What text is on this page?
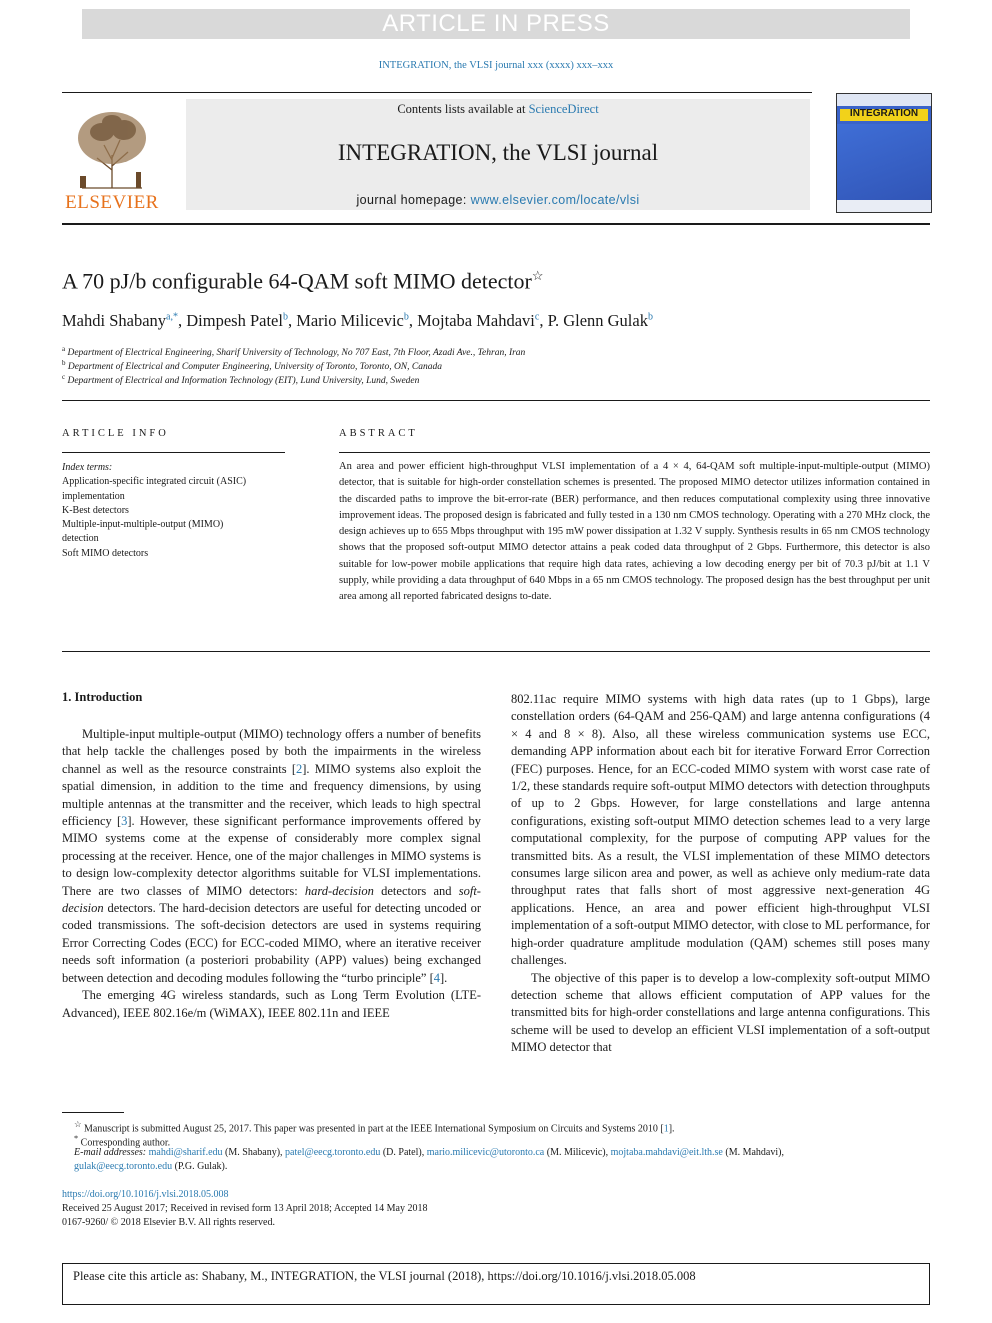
ARTICLE IN PRESS
INTEGRATION, the VLSI journal xxx (xxxx) xxx–xxx
ELSEVIER
Contents lists available at ScienceDirect
INTEGRATION, the VLSI journal
journal homepage: www.elsevier.com/locate/vlsi
INTEGRATION
A 70 pJ/b configurable 64-QAM soft MIMO detector☆
Mahdi Shabany$^{a,*}$, Dimpesh Patel$^b$, Mario Milicevic$^b$, Mojtaba Mahdavi$^c$, P. Glenn Gulak$^b$
$^a$ Department of Electrical Engineering, Sharif University of Technology, No 707 East, 7th Floor, Azadi Ave., Tehran, Iran
$^b$ Department of Electrical and Computer Engineering, University of Toronto, Toronto, ON, Canada
$^c$ Department of Electrical and Information Technology (EIT), Lund University, Lund, Sweden
ARTICLE INFO
Index terms:
Application-specific integrated circuit (ASIC)
implementation
K-Best detectors
Multiple-input-multiple-output (MIMO)
detection
Soft MIMO detectors
ABSTRACT
An area and power efficient high-throughput VLSI implementation of a 4 × 4, 64-QAM soft multiple-input-multiple-output (MIMO) detector, that is suitable for high-order constellation schemes is presented. The proposed MIMO detector utilizes information contained in the discarded paths to improve the bit-error-rate (BER) performance, and then reduces computational complexity using three innovative improvement ideas. The proposed design is fabricated and fully tested in a 130 nm CMOS technology. Operating with a 270 MHz clock, the design achieves up to 655 Mbps throughput with 195 mW power dissipation at 1.32 V supply. Synthesis results in 65 nm CMOS technology shows that the proposed soft-output MIMO detector attains a peak coded data throughput of 2 Gbps. Furthermore, this detector is also suitable for low-power mobile applications that require high data rates, achieving a low decoding energy per bit of 70.3 pJ/bit at 1.1 V supply, while providing a data throughput of 640 Mbps in a 65 nm CMOS technology. The proposed design has the best throughput per unit area among all reported fabricated designs to-date.
1. Introduction

Multiple-input multiple-output (MIMO) technology offers a number of benefits that help tackle the challenges posed by both the impairments in the wireless channel as well as the resource constraints [2]. MIMO systems also exploit the spatial dimension, in addition to the time and frequency dimensions, by using multiple antennas at the transmitter and the receiver, which leads to high spectral efficiency [3]. However, these significant performance improvements offered by MIMO systems come at the expense of considerably more complex signal processing at the receiver. Hence, one of the major challenges in MIMO systems is to design low-complexity detector algorithms suitable for VLSI implementations. There are two classes of MIMO detectors: hard-decision detectors and soft-decision detectors. The hard-decision detectors are useful for detecting uncoded or coded transmissions. The soft-decision detectors are used in systems requiring Error Correcting Codes (ECC) for ECC-coded MIMO, where an iterative receiver needs soft information (a posteriori probability (APP) values) being exchanged between detection and decoding modules following the “turbo principle” [4].

The emerging 4G wireless standards, such as Long Term Evolution (LTE-Advanced), IEEE 802.16e/m (WiMAX), IEEE 802.11n and IEEE

802.11ac require MIMO systems with high data rates (up to 1 Gbps), large constellation orders (64-QAM and 256-QAM) and large antenna configurations (4 × 4 and 8 × 8). Also, all these wireless communication systems use ECC, demanding APP information about each bit for iterative Forward Error Correction (FEC) purposes. Hence, for an ECC-coded MIMO system with worst case rate of 1/2, these standards require soft-output MIMO detectors with detection throughputs of up to 2 Gbps. However, for large constellations and large antenna configurations, existing soft-output MIMO detection schemes lead to a very large computational complexity, for the purpose of computing APP values for the transmitted bits. As a result, the VLSI implementation of these MIMO detectors consumes large silicon area and power, as well as achieve only medium-rate data throughput rates that falls short of most aggressive next-generation 4G applications. Hence, an area and power efficient high-throughput VLSI implementation of a soft-output MIMO detector, with close to ML performance, for high-order quadrature amplitude modulation (QAM) schemes still poses many challenges.

The objective of this paper is to develop a low-complexity soft-output MIMO detection scheme that allows efficient computation of APP values for the transmitted bits for high-order constellations and large antenna configurations. This scheme will be used to develop an efficient VLSI implementation of a soft-output MIMO detector that

☆ Manuscript is submitted August 25, 2017. This paper was presented in part at the IEEE International Symposium on Circuits and Systems 2010 [1].
* Corresponding author.
E-mail addresses: mahdi@sharif.edu (M. Shabany), patel@eecg.toronto.edu (D. Patel), mario.milicevic@utoronto.ca (M. Milicevic), mojtaba.mahdavi@eit.lth.se (M. Mahdavi),
gulak@eecg.toronto.edu (P.G. Gulak).
https://doi.org/10.1016/j.vlsi.2018.05.008
Received 25 August 2017; Received in revised form 13 April 2018; Accepted 14 May 2018
0167-9260/ © 2018 Elsevier B.V. All rights reserved.
Please cite this article as: Shabany, M., INTEGRATION, the VLSI journal (2018), https://doi.org/10.1016/j.vlsi.2018.05.008
